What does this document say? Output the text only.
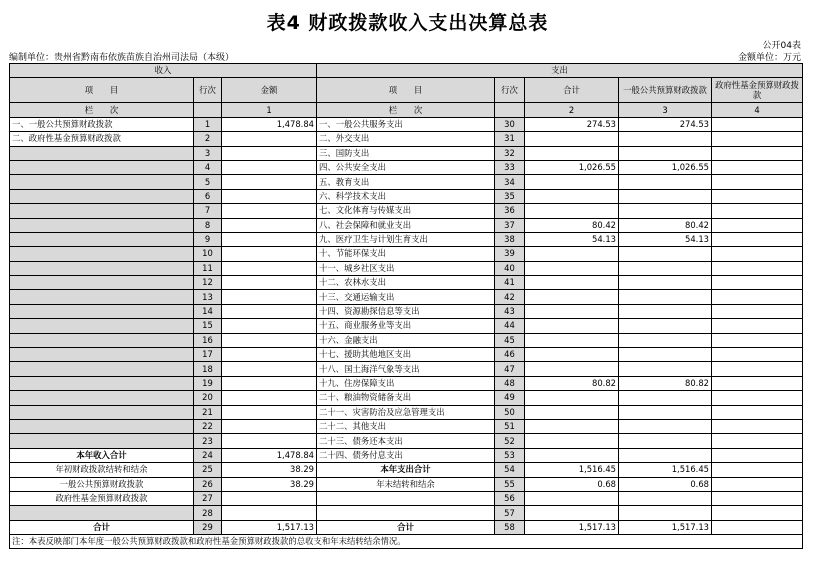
表4 财政拨款收入支出决算总表
公开04表
编制单位：贵州省黔南布依族苗族自治州司法局（本级）	金额单位：万元
收入			支出				
项　　目	行次	金额	项　　目	行次	合计	一般公共预算财政拨款	政府性基金预算财政拨款
栏　　次		1	栏　　次		2	3	4
一、一般公共预算财政拨款	1	1,478.84	一、一般公共服务支出	30	274.53	274.53	
二、政府性基金预算财政拨款	2		二、外交支出	31			
	3		三、国防支出	32			
	4		四、公共安全支出	33	1,026.55	1,026.55	
	5		五、教育支出	34			
	6		六、科学技术支出	35			
	7		七、文化体育与传媒支出	36			
	8		八、社会保障和就业支出	37	80.42	80.42	
	9		九、医疗卫生与计划生育支出	38	54.13	54.13	
	10		十、节能环保支出	39			
	11		十一、城乡社区支出	40			
	12		十二、农林水支出	41			
	13		十三、交通运输支出	42			
	14		十四、资源勘探信息等支出	43			
	15		十五、商业服务业等支出	44			
	16		十六、金融支出	45			
	17		十七、援助其他地区支出	46			
	18		十八、国土海洋气象等支出	47			
	19		十九、住房保障支出	48	80.82	80.82	
	20		二十、粮油物资储备支出	49			
	21		二十一、灾害防治及应急管理支出	50			
	22		二十二、其他支出	51			
	23		二十三、债务还本支出	52			
本年收入合计	24	1,478.84	二十四、债务付息支出	53			
年初财政拨款结转和结余	25	38.29	本年支出合计	54	1,516.45	1,516.45	
一般公共预算财政拨款	26	38.29	年末结转和结余	55	0.68	0.68	
政府性基金预算财政拨款	27			56			
	28			57			
合计	29	1,517.13	合计	58	1,517.13	1,517.13	
注：本表反映部门本年度一般公共预算财政拨款和政府性基金预算财政拨款的总收支和年末结转结余情况。							
